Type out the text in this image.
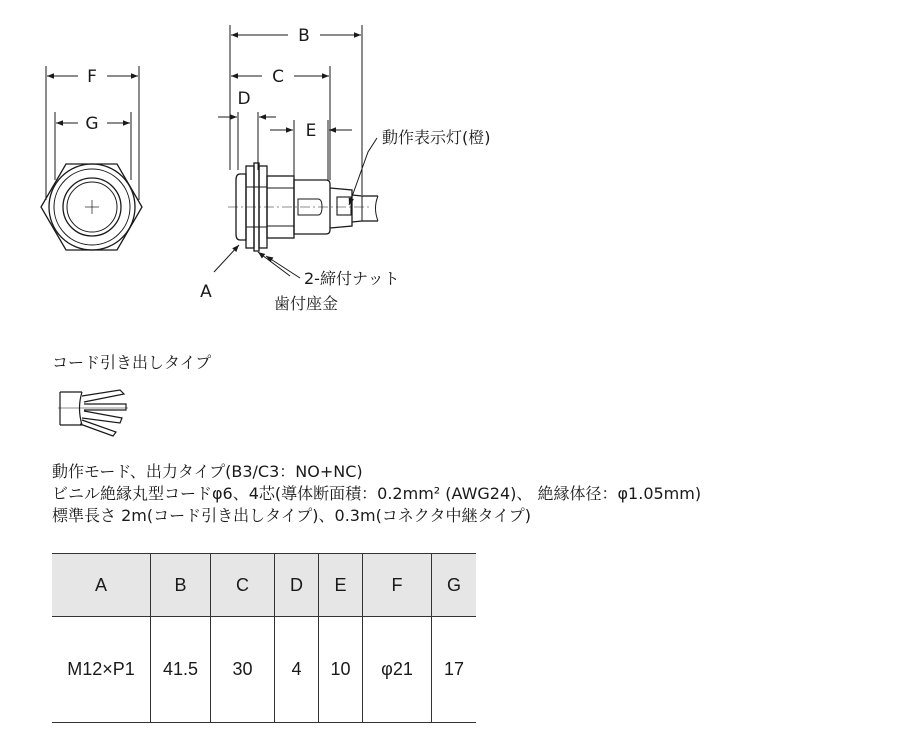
F
G
B
C
D
E
A
動作表示灯(橙)
2-締付ナット
歯付座金

コード引き出しタイプ

動作モード、出力タイプ(B3/C3：NO+NC)
ビニル絶縁丸型コードφ6、4芯(導体断面積：0.2mm² (AWG24)、 絶縁体径：φ1.05mm)
標準長さ 2m(コード引き出しタイプ)、0.3m(コネクタ中継タイプ)
A	B	C	D	E	F	G
M12×P1	41.5	30	4	10	φ21	17
